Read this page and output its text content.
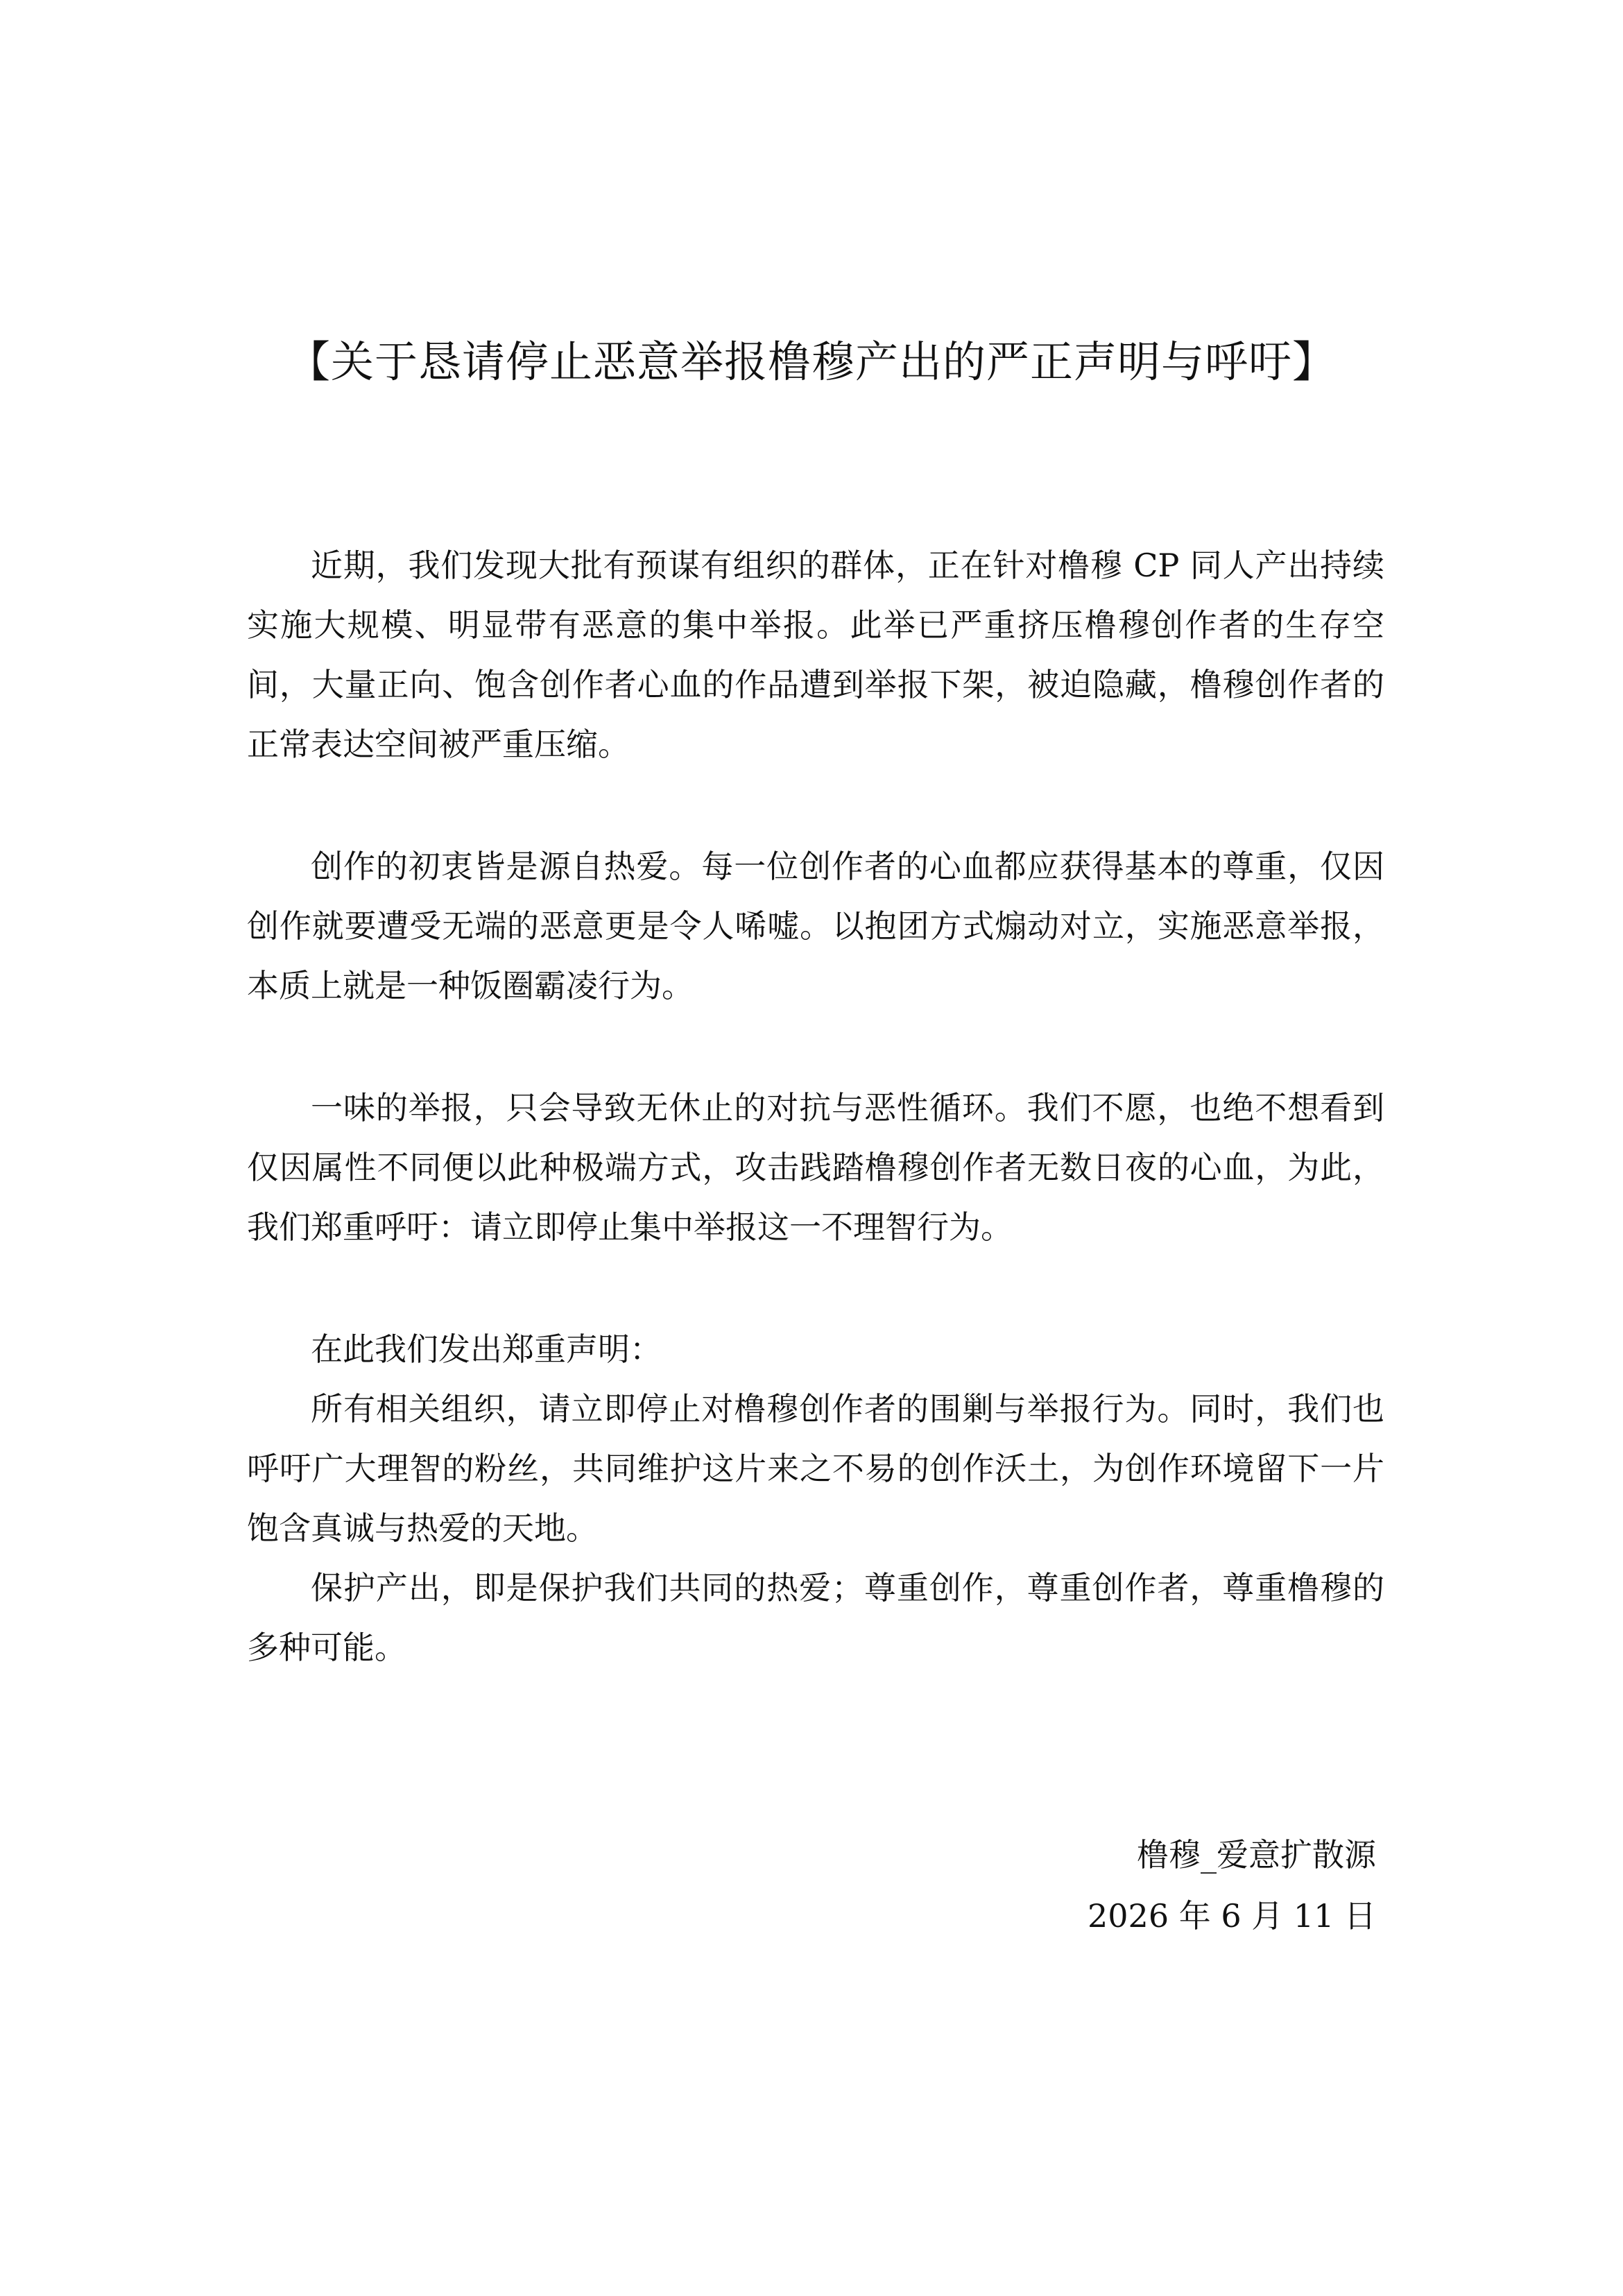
【关于恳请停止恶意举报橹穆产出的严正声明与呼吁】

近期，我们发现大批有预谋有组织的群体，正在针对橹穆 CP 同人产出持续实施大规模、明显带有恶意的集中举报。此举已严重挤压橹穆创作者的生存空间，大量正向、饱含创作者心血的作品遭到举报下架，被迫隐藏，橹穆创作者的正常表达空间被严重压缩。

创作的初衷皆是源自热爱。每一位创作者的心血都应获得基本的尊重，仅因创作就要遭受无端的恶意更是令人唏嘘。以抱团方式煽动对立，实施恶意举报，本质上就是一种饭圈霸凌行为。

一味的举报，只会导致无休止的对抗与恶性循环。我们不愿，也绝不想看到仅因属性不同便以此种极端方式，攻击践踏橹穆创作者无数日夜的心血，为此，我们郑重呼吁：请立即停止集中举报这一不理智行为。

在此我们发出郑重声明：

所有相关组织，请立即停止对橹穆创作者的围剿与举报行为。同时，我们也呼吁广大理智的粉丝，共同维护这片来之不易的创作沃土，为创作环境留下一片饱含真诚与热爱的天地。

保护产出，即是保护我们共同的热爱；尊重创作，尊重创作者，尊重橹穆的多种可能。

橹穆_爱意扩散源
2026 年 6 月 11 日
